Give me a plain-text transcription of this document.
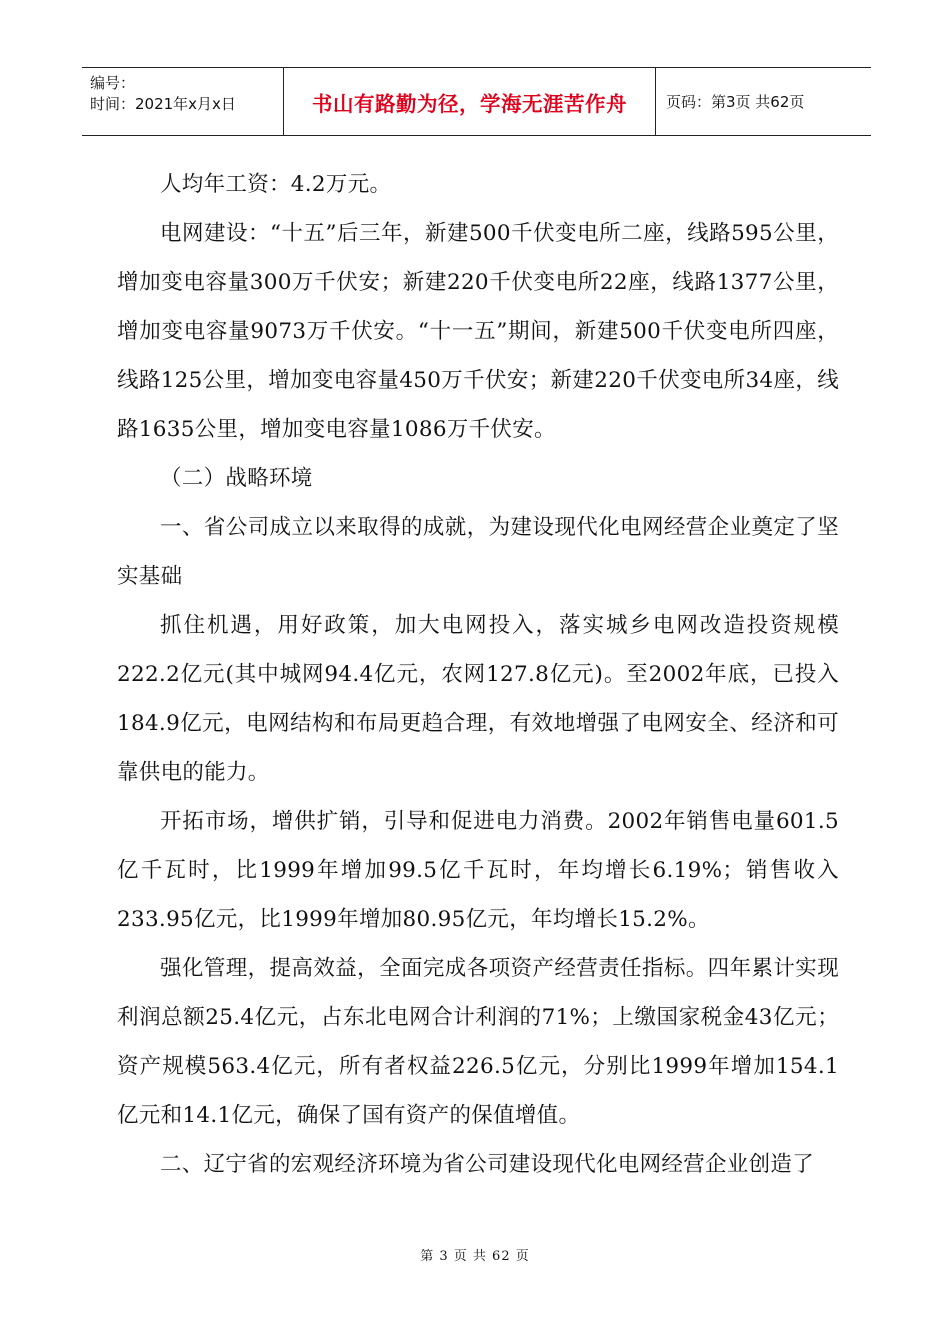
编号：
时间：2021年x月x日	书山有路勤为径，学海无涯苦作舟	页码：第3页 共62页

人均年工资：4.2万元。

电网建设：“十五”后三年，新建500千伏变电所二座，线路595公里，增加变电容量300万千伏安；新建220千伏变电所22座，线路1377公里，增加变电容量9073万千伏安。“十一五”期间，新建500千伏变电所四座，线路125公里，增加变电容量450万千伏安；新建220千伏变电所34座，线路1635公里，增加变电容量1086万千伏安。

（二）战略环境

一、省公司成立以来取得的成就，为建设现代化电网经营企业奠定了坚实基础

抓住机遇，用好政策，加大电网投入，落实城乡电网改造投资规模222.2亿元(其中城网94.4亿元，农网127.8亿元)。至2002年底，已投入184.9亿元，电网结构和布局更趋合理，有效地增强了电网安全、经济和可靠供电的能力。

开拓市场，增供扩销，引导和促进电力消费。2002年销售电量601.5亿千瓦时，比1999年增加99.5亿千瓦时，年均增长6.19%；销售收入233.95亿元，比1999年增加80.95亿元，年均增长15.2%。

强化管理，提高效益，全面完成各项资产经营责任指标。四年累计实现利润总额25.4亿元，占东北电网合计利润的71%；上缴国家税金43亿元；资产规模563.4亿元，所有者权益226.5亿元，分别比1999年增加154.1亿元和14.1亿元，确保了国有资产的保值增值。

二、辽宁省的宏观经济环境为省公司建设现代化电网经营企业创造了

第 3 页 共 62 页
